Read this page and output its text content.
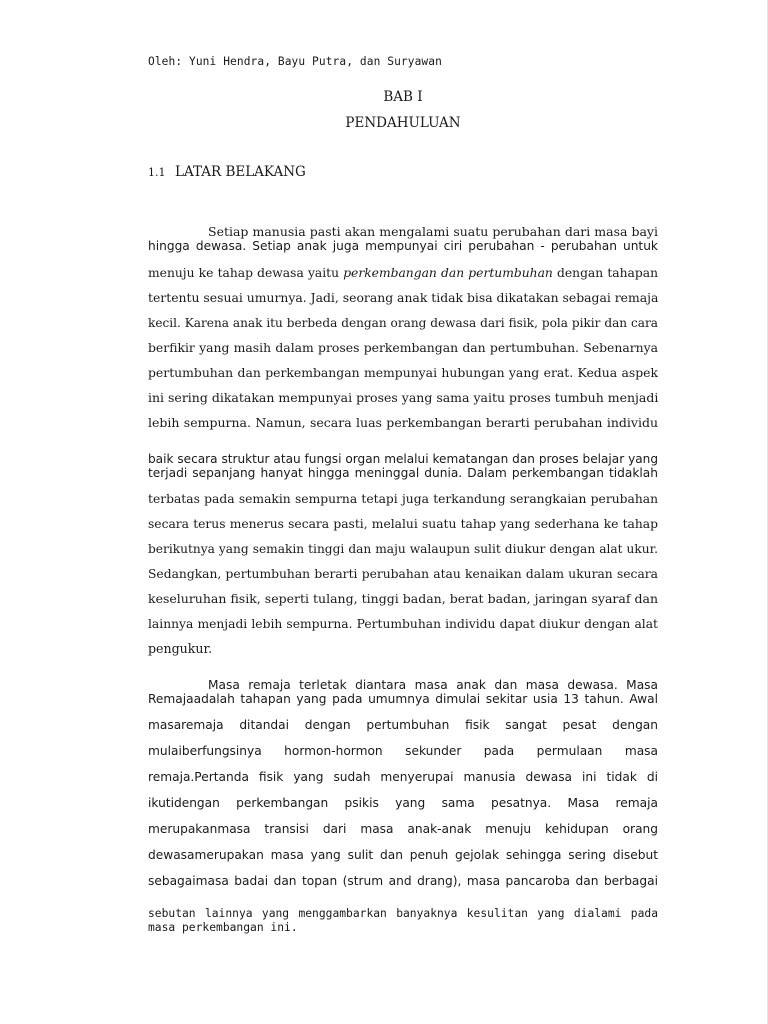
Oleh: Yuni Hendra, Bayu Putra, dan Suryawan
BAB I
PENDAHULUAN
1.1 LATAR BELAKANG
Setiap manusia pasti akan mengalami suatu perubahan dari masa bayi
hingga dewasa. Setiap anak juga mempunyai ciri perubahan - perubahan untuk
menuju ke tahap dewasa yaitu perkembangan dan pertumbuhan dengan tahapan
tertentu sesuai umurnya. Jadi, seorang anak tidak bisa dikatakan sebagai remaja
kecil. Karena anak itu berbeda dengan orang dewasa dari fisik, pola pikir dan cara
berfikir yang masih dalam proses perkembangan dan pertumbuhan. Sebenarnya
pertumbuhan dan perkembangan mempunyai hubungan yang erat. Kedua aspek
ini sering dikatakan mempunyai proses yang sama yaitu proses tumbuh menjadi
lebih sempurna. Namun, secara luas perkembangan berarti perubahan individu
baik secara struktur atau fungsi organ melalui kematangan dan proses belajar yang
terjadi sepanjang hanyat hingga meninggal dunia. Dalam perkembangan tidaklah
terbatas pada semakin sempurna tetapi juga terkandung serangkaian perubahan
secara terus menerus secara pasti, melalui suatu tahap yang sederhana ke tahap
berikutnya yang semakin tinggi dan maju walaupun sulit diukur dengan alat ukur.
Sedangkan, pertumbuhan berarti perubahan atau kenaikan dalam ukuran secara
keseluruhan fisik, seperti tulang, tinggi badan, berat badan, jaringan syaraf dan
lainnya menjadi lebih sempurna. Pertumbuhan individu dapat diukur dengan alat
pengukur.
Masa remaja terletak diantara masa anak dan masa dewasa. Masa
Remajaadalah tahapan yang pada umumnya dimulai sekitar usia 13 tahun. Awal
masaremaja ditandai dengan pertumbuhan fisik sangat pesat dengan
mulaiberfungsinya hormon-hormon sekunder pada permulaan masa
remaja.Pertanda fisik yang sudah menyerupai manusia dewasa ini tidak di
ikutidengan perkembangan psikis yang sama pesatnya. Masa remaja
merupakanmasa transisi dari masa anak-anak menuju kehidupan orang
dewasamerupakan masa yang sulit dan penuh gejolak sehingga sering disebut
sebagaimasa badai dan topan (strum and drang), masa pancaroba dan berbagai
sebutan lainnya yang menggambarkan banyaknya kesulitan yang dialami pada
masa perkembangan ini.
